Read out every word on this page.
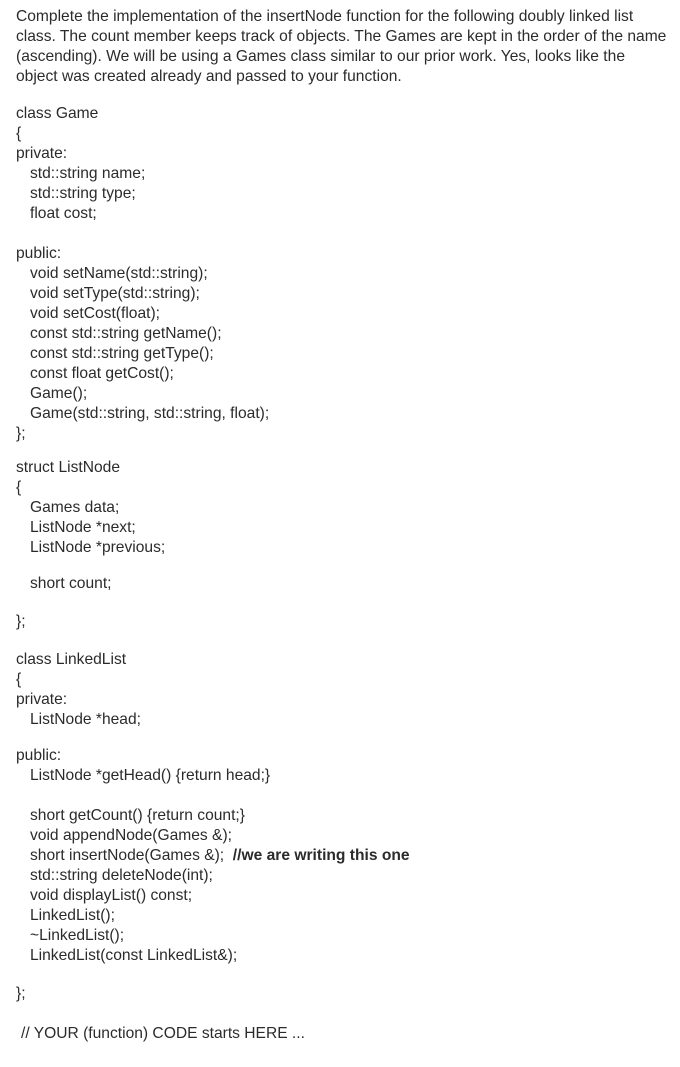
Complete the implementation of the insertNode function for the following doubly linked list class. The count member keeps track of objects. The Games are kept in the order of the name (ascending). We will be using a Games class similar to our prior work. Yes, looks like the object was created already and passed to your function.

class Game
{
private:
std::string name;
std::string type;
float cost;
public:
void setName(std::string);
void setType(std::string);
void setCost(float);
const std::string getName();
const std::string getType();
const float getCost();
Game();
Game(std::string, std::string, float);
};
struct ListNode
{
Games data;
ListNode *next;
ListNode *previous;
short count;
};
class LinkedList
{
private:
ListNode *head;
public:
ListNode *getHead() {return head;}
short getCount() {return count;}
void appendNode(Games &);
short insertNode(Games &); //we are writing this one
std::string deleteNode(int);
void displayList() const;
LinkedList();
~LinkedList();
LinkedList(const LinkedList&);
};
// YOUR (function) CODE starts HERE ...
